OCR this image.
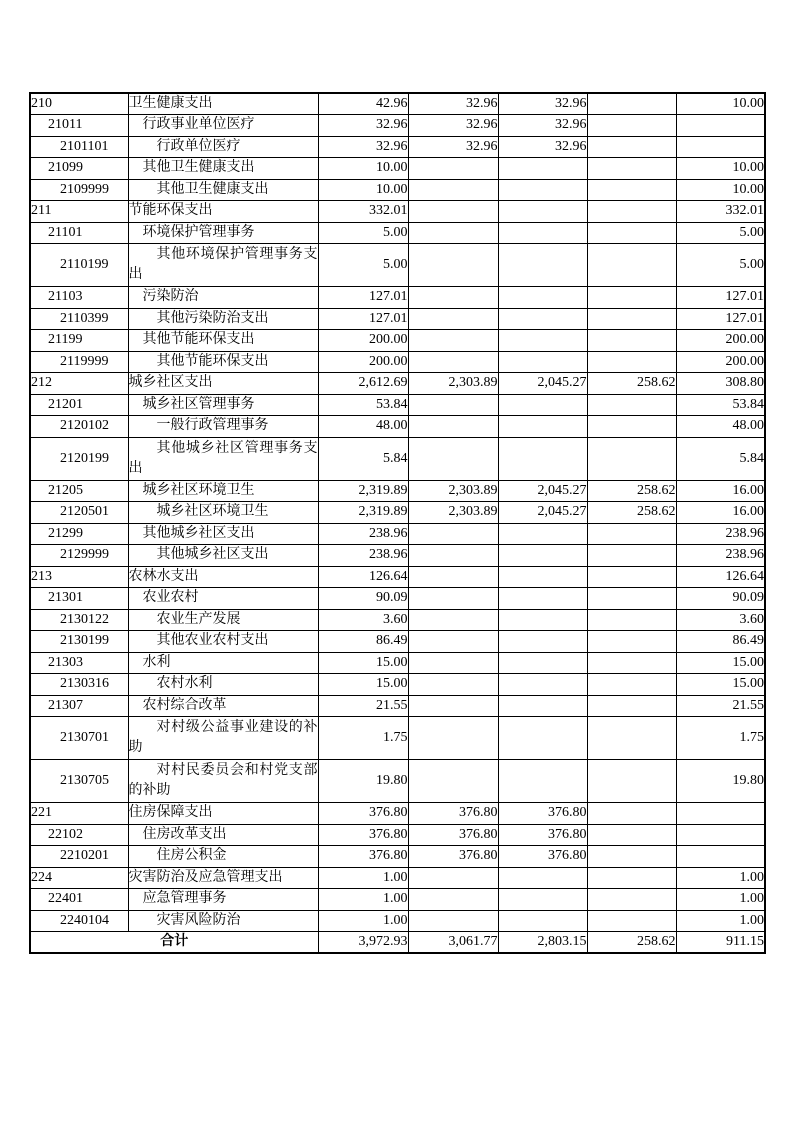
210	卫生健康支出	42.96	32.96	32.96		10.00
21011	行政事业单位医疗	32.96	32.96	32.96		
2101101	行政单位医疗	32.96	32.96	32.96		
21099	其他卫生健康支出	10.00				10.00
2109999	其他卫生健康支出	10.00				10.00
211	节能环保支出	332.01				332.01
21101	环境保护管理事务	5.00				5.00
2110199	其他环境保护管理事务支出	5.00				5.00
21103	污染防治	127.01				127.01
2110399	其他污染防治支出	127.01				127.01
21199	其他节能环保支出	200.00				200.00
2119999	其他节能环保支出	200.00				200.00
212	城乡社区支出	2,612.69	2,303.89	2,045.27	258.62	308.80
21201	城乡社区管理事务	53.84				53.84
2120102	一般行政管理事务	48.00				48.00
2120199	其他城乡社区管理事务支出	5.84				5.84
21205	城乡社区环境卫生	2,319.89	2,303.89	2,045.27	258.62	16.00
2120501	城乡社区环境卫生	2,319.89	2,303.89	2,045.27	258.62	16.00
21299	其他城乡社区支出	238.96				238.96
2129999	其他城乡社区支出	238.96				238.96
213	农林水支出	126.64				126.64
21301	农业农村	90.09				90.09
2130122	农业生产发展	3.60				3.60
2130199	其他农业农村支出	86.49				86.49
21303	水利	15.00				15.00
2130316	农村水利	15.00				15.00
21307	农村综合改革	21.55				21.55
2130701	对村级公益事业建设的补助	1.75				1.75
2130705	对村民委员会和村党支部的补助	19.80				19.80
221	住房保障支出	376.80	376.80	376.80		
22102	住房改革支出	376.80	376.80	376.80		
2210201	住房公积金	376.80	376.80	376.80		
224	灾害防治及应急管理支出	1.00				1.00
22401	应急管理事务	1.00				1.00
2240104	灾害风险防治	1.00				1.00
合计		3,972.93	3,061.77	2,803.15	258.62	911.15
